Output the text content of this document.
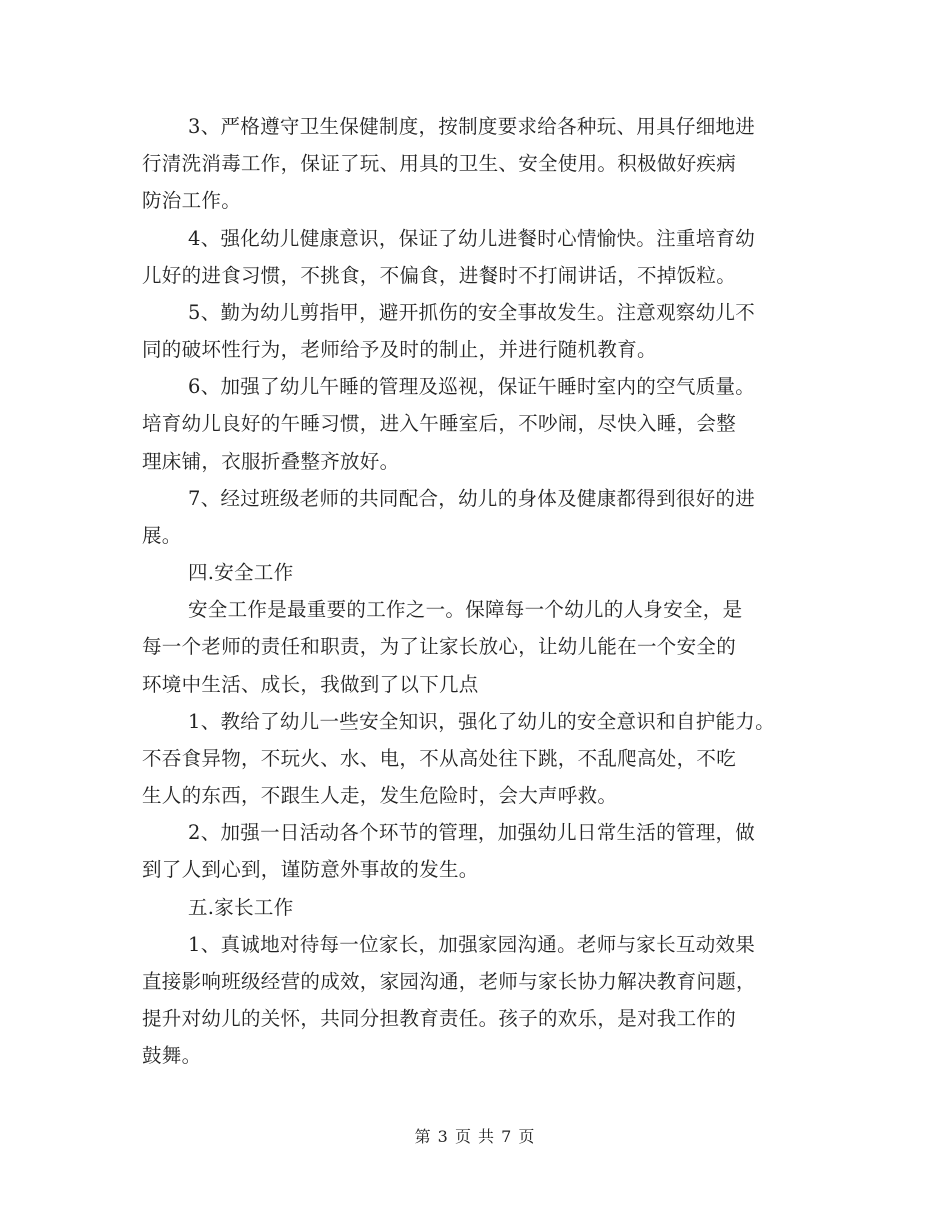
3、严格遵守卫生保健制度，按制度要求给各种玩、用具仔细地进
行清洗消毒工作，保证了玩、用具的卫生、安全使用。积极做好疾病
防治工作。
4、强化幼儿健康意识，保证了幼儿进餐时心情愉快。注重培育幼
儿好的进食习惯，不挑食，不偏食，进餐时不打闹讲话，不掉饭粒。
5、勤为幼儿剪指甲，避开抓伤的安全事故发生。注意观察幼儿不
同的破坏性行为，老师给予及时的制止，并进行随机教育。
6、加强了幼儿午睡的管理及巡视，保证午睡时室内的空气质量。
培育幼儿良好的午睡习惯，进入午睡室后，不吵闹，尽快入睡，会整
理床铺，衣服折叠整齐放好。
7、经过班级老师的共同配合，幼儿的身体及健康都得到很好的进
展。
四.安全工作
安全工作是最重要的工作之一。保障每一个幼儿的人身安全，是
每一个老师的责任和职责，为了让家长放心，让幼儿能在一个安全的
环境中生活、成长，我做到了以下几点
1、教给了幼儿一些安全知识，强化了幼儿的安全意识和自护能力。
不吞食异物，不玩火、水、电，不从高处往下跳，不乱爬高处，不吃
生人的东西，不跟生人走，发生危险时，会大声呼救。
2、加强一日活动各个环节的管理，加强幼儿日常生活的管理，做
到了人到心到，谨防意外事故的发生。
五.家长工作
1、真诚地对待每一位家长，加强家园沟通。老师与家长互动效果
直接影响班级经营的成效，家园沟通，老师与家长协力解决教育问题，
提升对幼儿的关怀，共同分担教育责任。孩子的欢乐，是对我工作的
鼓舞。
第 3 页 共 7 页
